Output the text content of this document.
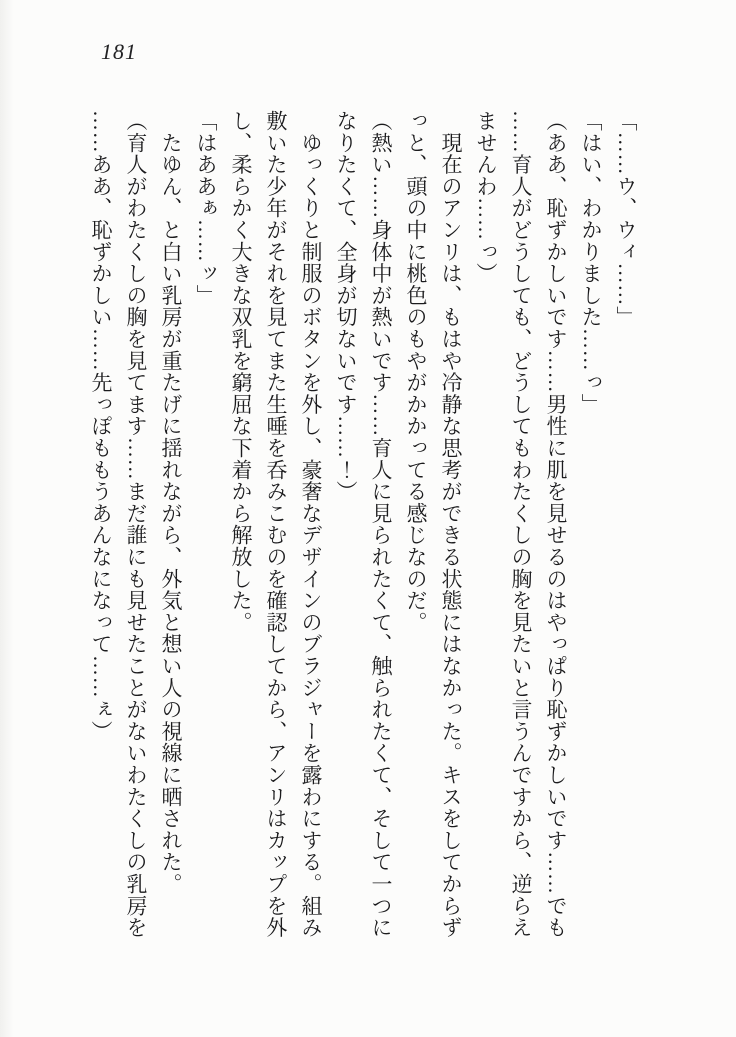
181

「……ウ、ウィ……」

「はい、わかりました……っ」

（ああ、恥ずかしいです……男性に肌を見せるのはやっぱり恥ずかしいです……でも

……育人がどうしても、どうしてもわたくしの胸を見たいと言うんですから、逆らえ

ませんわ……っ）

　現在のアンリは、もはや冷静な思考ができる状態にはなかった。キスをしてからず

っと、頭の中に桃色のもやがかかってる感じなのだ。

（熱い……身体中が熱いです……育人に見られたくて、触られたくて、そして一つに

なりたくて、全身が切ないです……！）

　ゆっくりと制服のボタンを外し、豪奢なデザインのブラジャーを露わにする。組み

敷いた少年がそれを見てまた生唾を呑みこむのを確認してから、アンリはカップを外

し、柔らかく大きな双乳を窮屈な下着から解放した。

「はああぁ……ッ」

　たゆん、と白い乳房が重たげに揺れながら、外気と想い人の視線に晒された。

（育人がわたくしの胸を見てます……まだ誰にも見せたことがないわたくしの乳房を

……ああ、恥ずかしい……先っぽももうあんなになって……ぇ）
